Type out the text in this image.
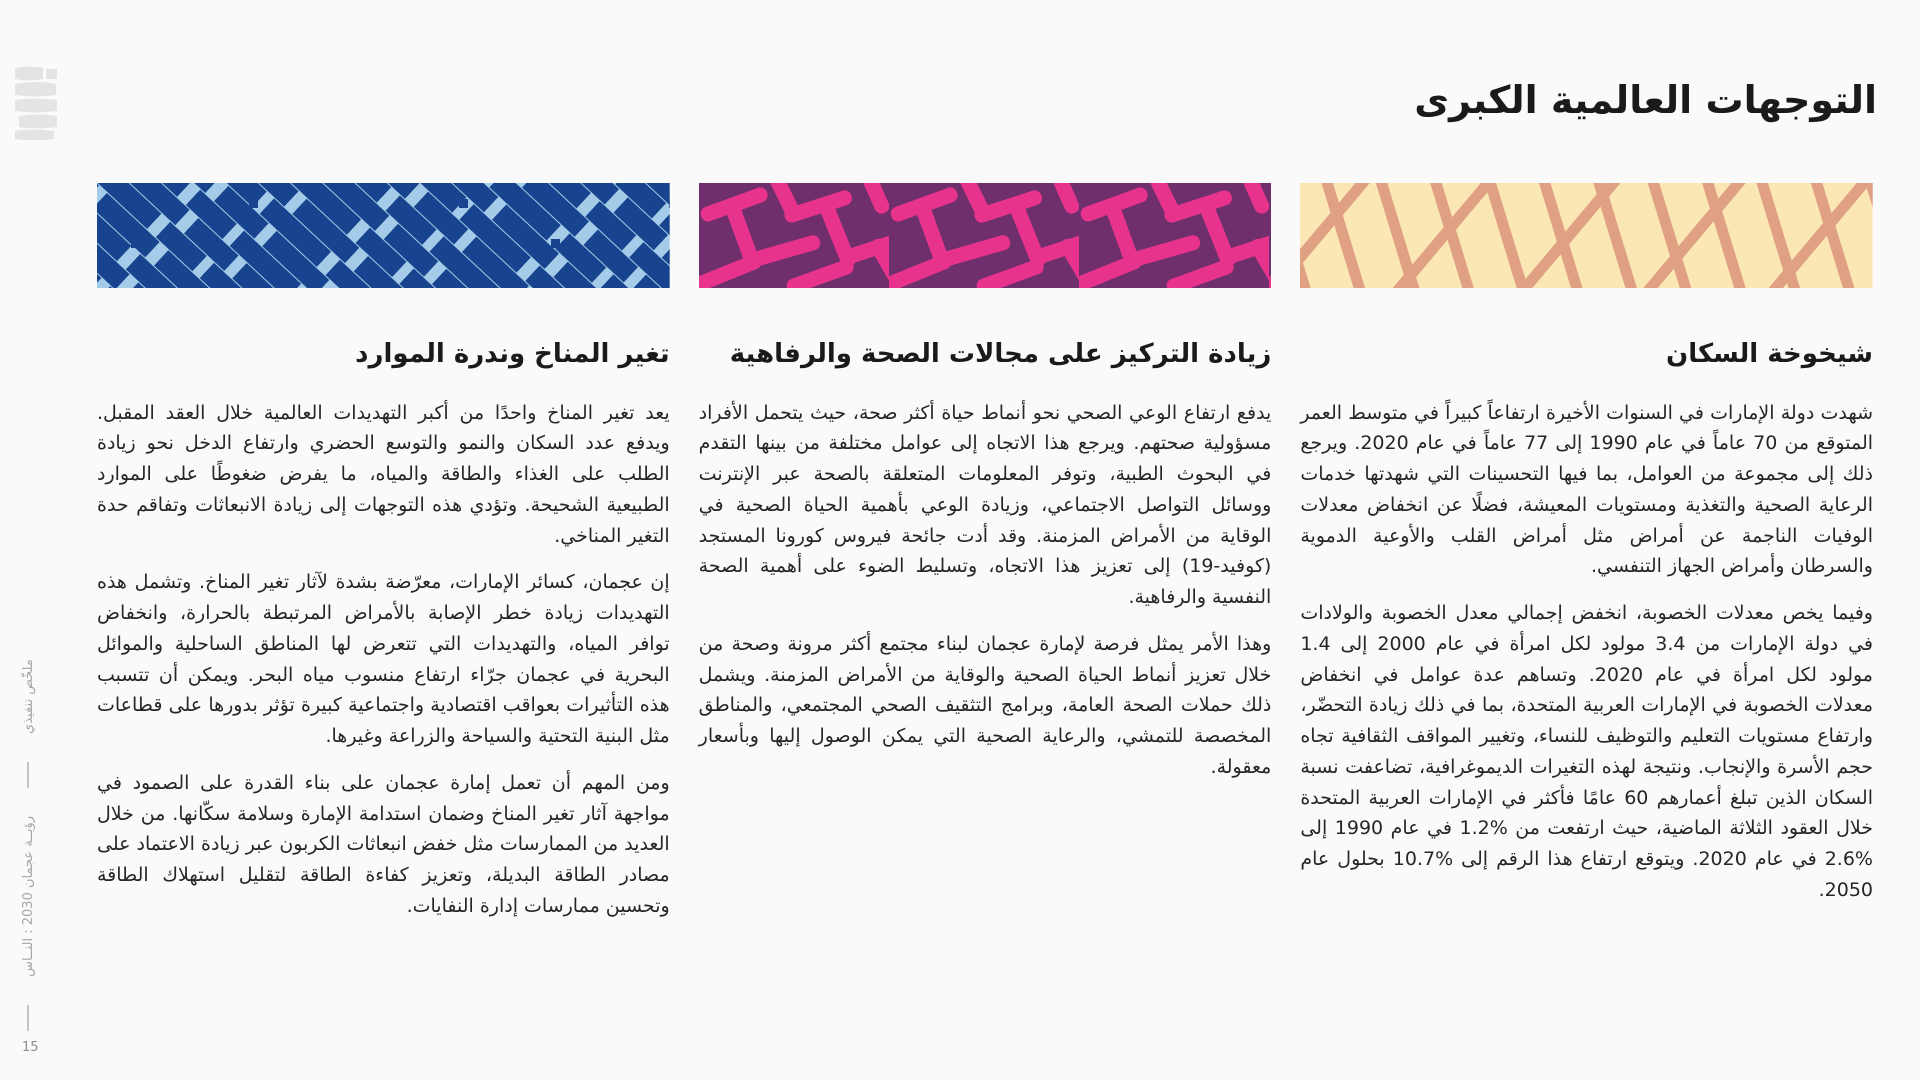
ملخّص تنفيذي
رؤيــة عجمان 2030 : النــاس
15
التوجهات العالمية الكبرى
شيخوخة السكان

شهدت دولة الإمارات في السنوات الأخيرة ارتفاعاً كبيراً في متوسط العمر المتوقع من 70 عاماً في عام 1990 إلى 77 عاماً في عام 2020. ويرجع ذلك إلى مجموعة من العوامل، بما فيها التحسينات التي شهدتها خدمات الرعاية الصحية والتغذية ومستويات المعيشة، فضلًا عن انخفاض معدلات الوفيات الناجمة عن أمراض مثل أمراض القلب والأوعية الدموية والسرطان وأمراض الجهاز التنفسي.

وفيما يخص معدلات الخصوبة، انخفض إجمالي معدل الخصوبة والولادات في دولة الإمارات من 3.4 مولود لكل امرأة في عام 2000 إلى 1.4 مولود لكل امرأة في عام 2020. وتساهم عدة عوامل في انخفاض معدلات الخصوبة في الإمارات العربية المتحدة، بما في ذلك زيادة التحضّر، وارتفاع مستويات التعليم والتوظيف للنساء، وتغيير المواقف الثقافية تجاه حجم الأسرة والإنجاب. ونتيجة لهذه التغيرات الديموغرافية، تضاعفت نسبة السكان الذين تبلغ أعمارهم 60 عامًا فأكثر في الإمارات العربية المتحدة خلال العقود الثلاثة الماضية، حيث ارتفعت من %1.2 في عام 1990 إلى %2.6 في عام 2020. ويتوقع ارتفاع هذا الرقم إلى %10.7 بحلول عام 2050.

زيادة التركيز على مجالات الصحة والرفاهية

يدفع ارتفاع الوعي الصحي نحو أنماط حياة أكثر صحة، حيث يتحمل الأفراد مسؤولية صحتهم. ويرجع هذا الاتجاه إلى عوامل مختلفة من بينها التقدم في البحوث الطبية، وتوفر المعلومات المتعلقة بالصحة عبر الإنترنت ووسائل التواصل الاجتماعي، وزيادة الوعي بأهمية الحياة الصحية في الوقاية من الأمراض المزمنة. وقد أدت جائحة فيروس كورونا المستجد (كوفيد-19) إلى تعزيز هذا الاتجاه، وتسليط الضوء على أهمية الصحة النفسية والرفاهية.

وهذا الأمر يمثل فرصة لإمارة عجمان لبناء مجتمع أكثر مرونة وصحة من خلال تعزيز أنماط الحياة الصحية والوقاية من الأمراض المزمنة. ويشمل ذلك حملات الصحة العامة، وبرامج التثقيف الصحي المجتمعي، والمناطق المخصصة للتمشي، والرعاية الصحية التي يمكن الوصول إليها وبأسعار معقولة.

تغير المناخ وندرة الموارد

يعد تغير المناخ واحدًا من أكبر التهديدات العالمية خلال العقد المقبل. ويدفع عدد السكان والنمو والتوسع الحضري وارتفاع الدخل نحو زيادة الطلب على الغذاء والطاقة والمياه، ما يفرض ضغوطًا على الموارد الطبيعية الشحيحة. وتؤدي هذه التوجهات إلى زيادة الانبعاثات وتفاقم حدة التغير المناخي.

إن عجمان، كسائر الإمارات، معرّضة بشدة لآثار تغير المناخ. وتشمل هذه التهديدات زيادة خطر الإصابة بالأمراض المرتبطة بالحرارة، وانخفاض توافر المياه، والتهديدات التي تتعرض لها المناطق الساحلية والموائل البحرية في عجمان جرّاء ارتفاع منسوب مياه البحر. ويمكن أن تتسبب هذه التأثيرات بعواقب اقتصادية واجتماعية كبيرة تؤثر بدورها على قطاعات مثل البنية التحتية والسياحة والزراعة وغيرها.

ومن المهم أن تعمل إمارة عجمان على بناء القدرة على الصمود في مواجهة آثار تغير المناخ وضمان استدامة الإمارة وسلامة سكّانها. من خلال العديد من الممارسات مثل خفض انبعاثات الكربون عبر زيادة الاعتماد على مصادر الطاقة البديلة، وتعزيز كفاءة الطاقة لتقليل استهلاك الطاقة وتحسين ممارسات إدارة النفايات.
